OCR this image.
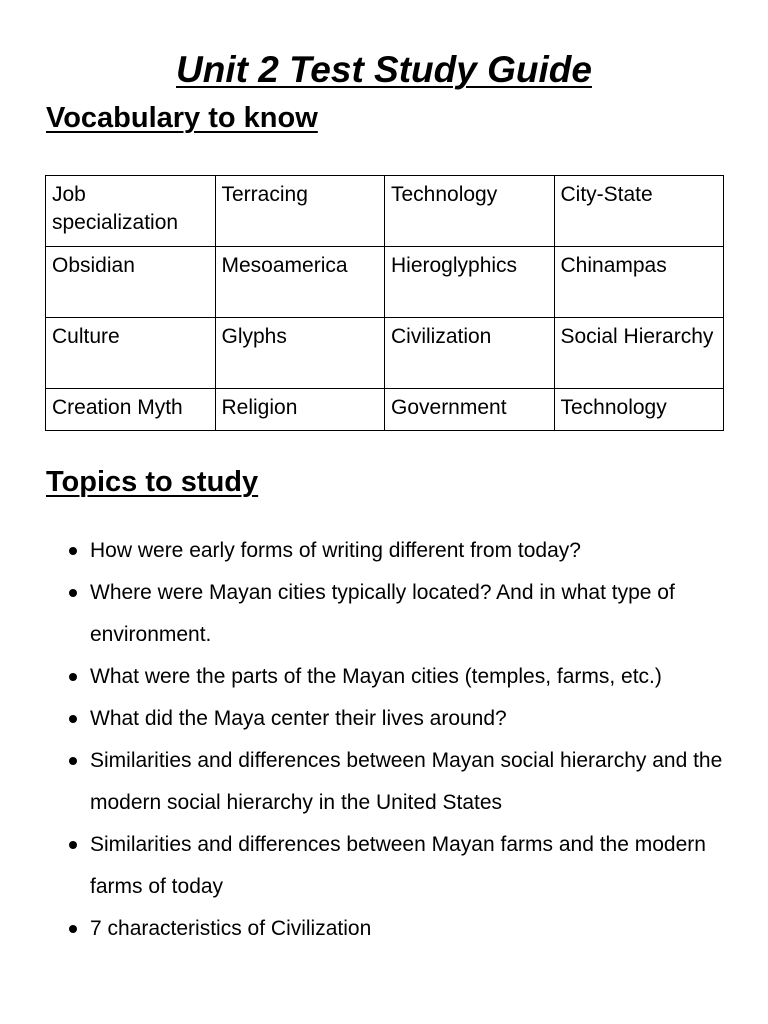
Unit 2 Test Study Guide
Vocabulary to know
Job specialization	Terracing	Technology	City-State
Obsidian	Mesoamerica	Hieroglyphics	Chinampas
Culture	Glyphs	Civilization	Social Hierarchy
Creation Myth	Religion	Government	Technology
Topics to study
How were early forms of writing different from today?
Where were Mayan cities typically located? And in what type of environment.
What were the parts of the Mayan cities (temples, farms, etc.)
What did the Maya center their lives around?
Similarities and differences between Mayan social hierarchy and the modern social hierarchy in the United States
Similarities and differences between Mayan farms and the modern farms of today
7 characteristics of Civilization
